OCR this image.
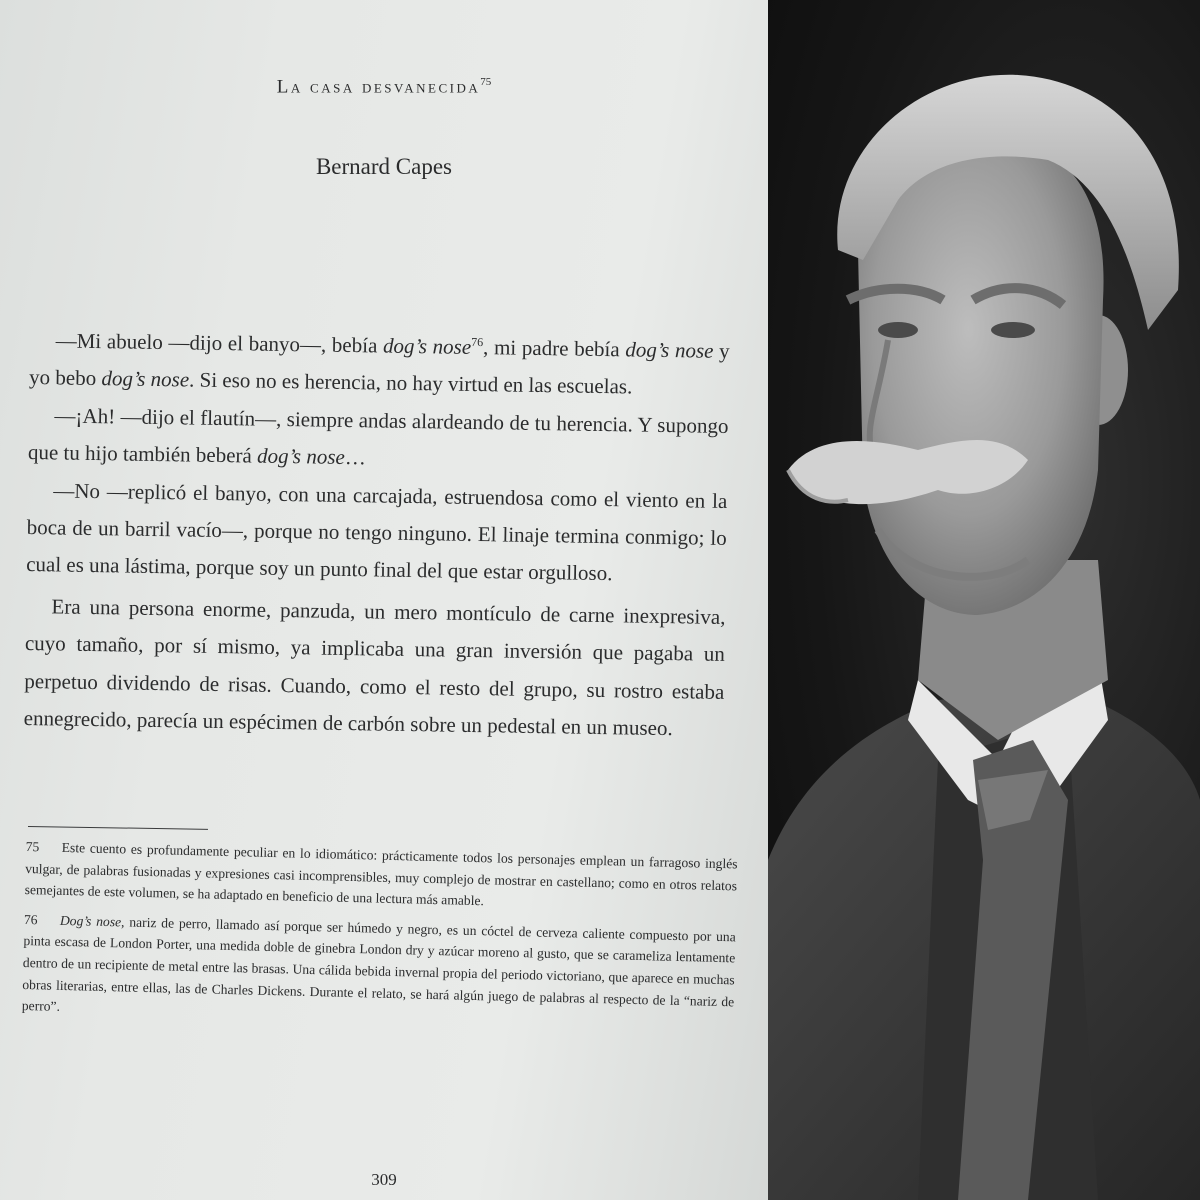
La casa desvanecida$^{75}$
Bernard Capes

—Mi abuelo —dijo el banyo—, bebía dog’s nose$^{76}$, mi padre bebía dog’s nose y yo bebo dog’s nose. Si eso no es herencia, no hay virtud en las escuelas.

—¡Ah! —dijo el flautín—, siempre andas alardeando de tu herencia. Y supongo que tu hijo también beberá dog’s nose…

—No —replicó el banyo, con una carcajada, estruendosa como el viento en la boca de un barril vacío—, porque no tengo ninguno. El linaje termina conmigo; lo cual es una lástima, porque soy un punto final del que estar orgulloso.

Era una persona enorme, panzuda, un mero montículo de carne inexpresiva, cuyo tamaño, por sí mismo, ya implicaba una gran inversión que pagaba un perpetuo dividendo de risas. Cuando, como el resto del grupo, su rostro estaba ennegrecido, parecía un espécimen de carbón sobre un pedestal en un museo.

75 Este cuento es profundamente peculiar en lo idiomático: prácticamente todos los personajes emplean un farragoso inglés vulgar, de palabras fusionadas y expresiones casi incomprensibles, muy complejo de mostrar en castellano; como en otros relatos semejantes de este volumen, se ha adaptado en beneficio de una lectura más amable.

76 Dog’s nose, nariz de perro, llamado así porque ser húmedo y negro, es un cóctel de cerveza caliente compuesto por una pinta escasa de London Porter, una medida doble de ginebra London dry y azúcar moreno al gusto, que se carameliza lentamente dentro de un recipiente de metal entre las brasas. Una cálida bebida invernal propia del periodo victoriano, que aparece en muchas obras literarias, entre ellas, las de Charles Dickens. Durante el relato, se hará algún juego de palabras al respecto de la “nariz de perro”.

309
